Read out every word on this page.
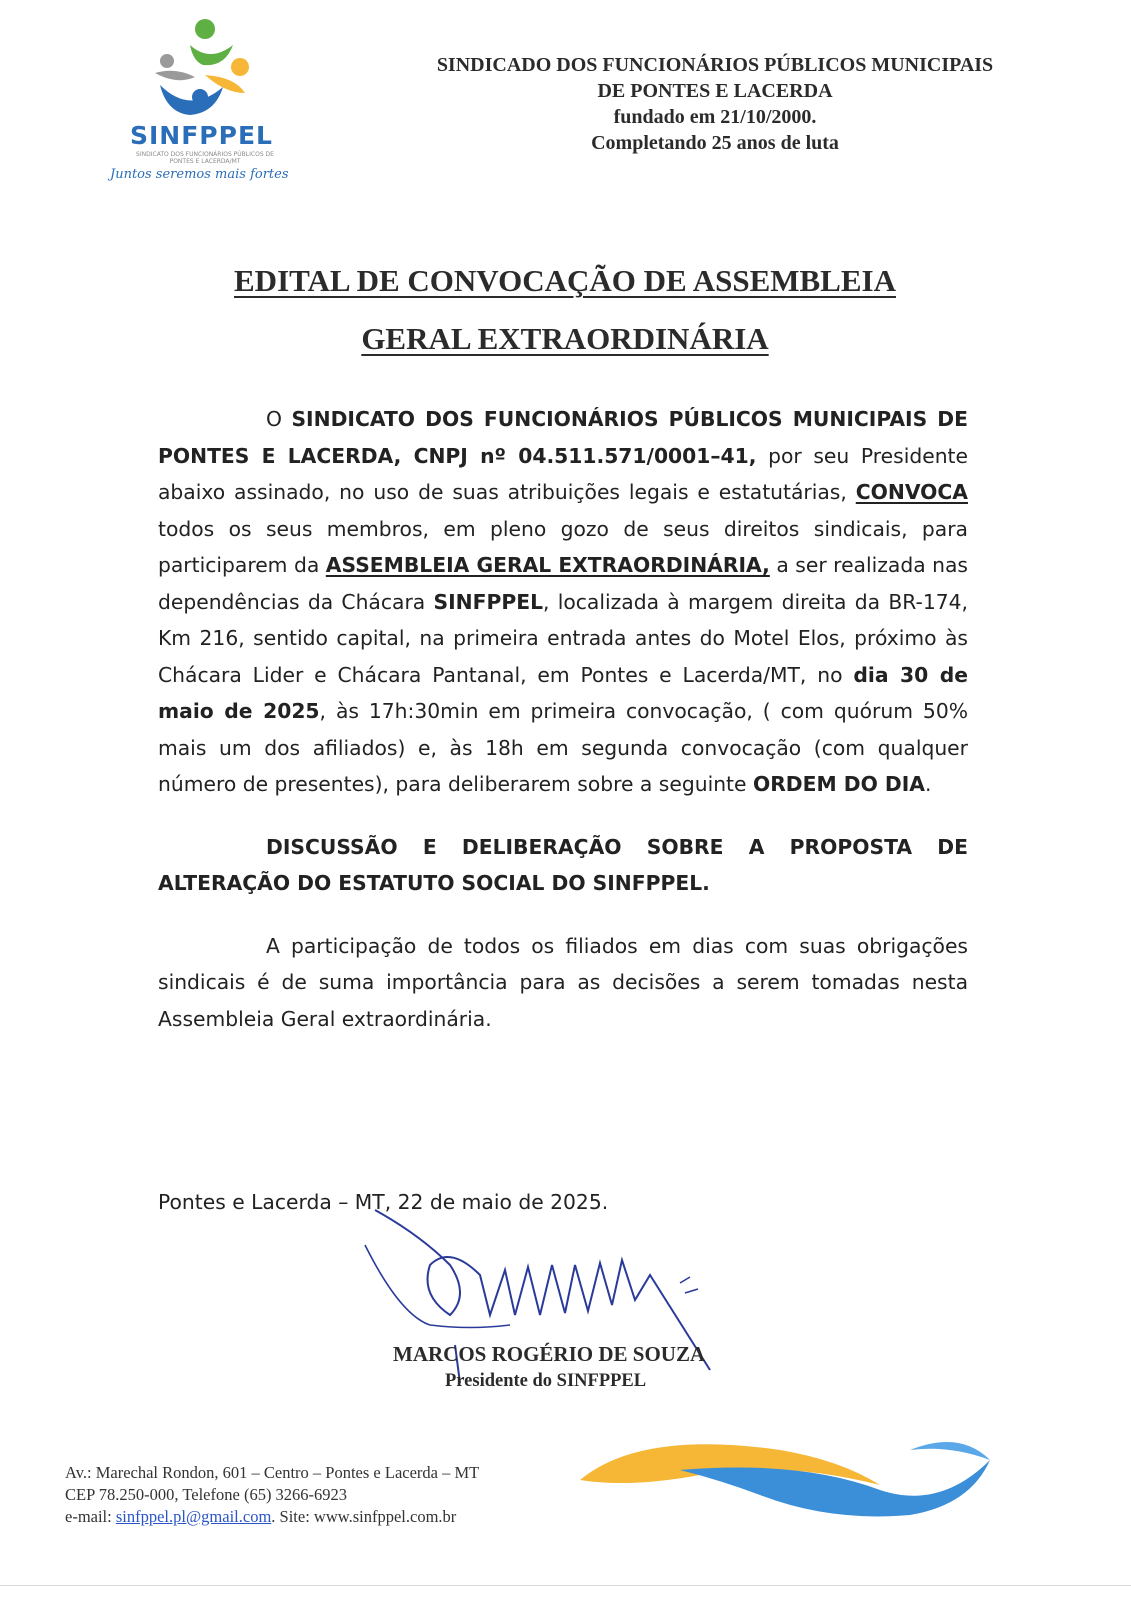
SINFPPEL
SINDICATO DOS FUNCIONÁRIOS PÚBLICOS DE PONTES E LACERDA/MT
Juntos seremos mais fortes
SINDICADO DOS FUNCIONÁRIOS PÚBLICOS MUNICIPAIS
DE PONTES E LACERDA
fundado em 21/10/2000.
Completando 25 anos de luta
EDITAL DE CONVOCAÇÃO DE ASSEMBLEIA
GERAL EXTRAORDINÁRIA

O SINDICATO DOS FUNCIONÁRIOS PÚBLICOS MUNICIPAIS DE PONTES E LACERDA, CNPJ nº 04.511.571/0001–41, por seu Presidente abaixo assinado, no uso de suas atribuições legais e estatutárias, CONVOCA todos os seus membros, em pleno gozo de seus direitos sindicais, para participarem da ASSEMBLEIA GERAL EXTRAORDINÁRIA, a ser realizada nas dependências da Chácara SINFPPEL, localizada à margem direita da BR-174, Km 216, sentido capital, na primeira entrada antes do Motel Elos, próximo às Chácara Lider e Chácara Pantanal, em Pontes e Lacerda/MT, no dia 30 de maio de 2025, às 17h:30min em primeira convocação, ( com quórum 50% mais um dos afiliados) e, às 18h em segunda convocação (com qualquer número de presentes), para deliberarem sobre a seguinte ORDEM DO DIA.

DISCUSSÃO E DELIBERAÇÃO SOBRE A PROPOSTA DE ALTERAÇÃO DO ESTATUTO SOCIAL DO SINFPPEL.

A participação de todos os filiados em dias com suas obrigações sindicais é de suma importância para as decisões a serem tomadas nesta Assembleia Geral extraordinária.

Pontes e Lacerda – MT, 22 de maio de 2025.
MARCOS ROGÉRIO DE SOUZA
Presidente do SINFPPEL
Av.: Marechal Rondon, 601 – Centro – Pontes e Lacerda – MT
CEP 78.250-000, Telefone (65) 3266-6923
e-mail: sinfppel.pl@gmail.com. Site: www.sinfppel.com.br
